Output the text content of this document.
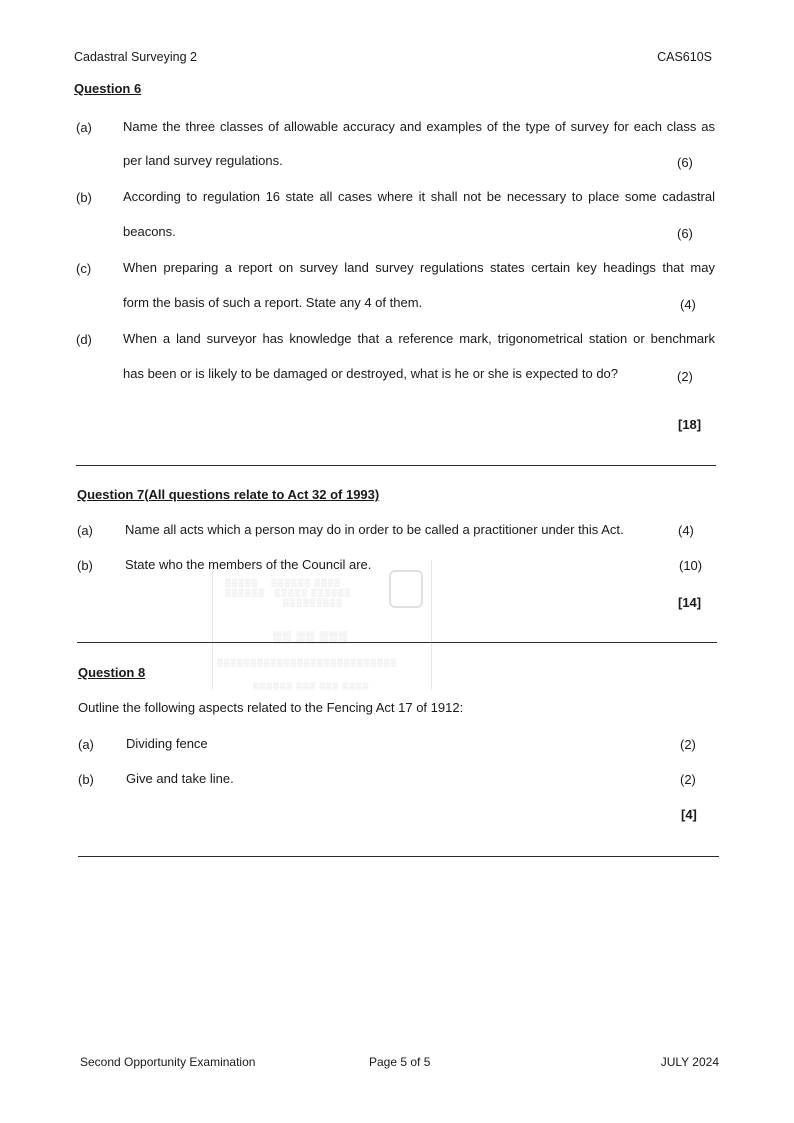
Cadastral Surveying 2	CAS610S
Question 6
(a) Name the three classes of allowable accuracy and examples of the type of survey for each class as
per land survey regulations.	(6)
(b) According to regulation 16 state all cases where it shall not be necessary to place some cadastral
beacons.	(6)
(c) When preparing a report on survey land survey regulations states certain key headings that may
form the basis of such a report. State any 4 of them.	(4)
(d) When a land surveyor has knowledge that a reference mark, trigonometrical station or benchmark
has been or is likely to be damaged or destroyed, what is he or she is expected to do?	(2)
[18]
Question 7(All questions relate to Act 32 of 1993)
(a) Name all acts which a person may do in order to be called a practitioner under this Act.	(4)
(b) State who the members of the Council are.	(10)
[14]
▒▒▒▒▒    ▒▒▒▒▒▒ ▒▒▒▒
▒▒▒▒▒▒   ▒▒▒▒▒ ▒▒▒▒▒▒
▒▒▒▒▒▒▒▒▒
▒▒ ▒▒ ▒▒▒
▒▒▒▒▒▒▒▒▒▒▒▒▒▒▒▒▒▒▒▒▒▒▒▒▒▒▒
▒▒▒▒▒▒ ▒▒▒ ▒▒▒ ▒▒▒▒
Question 8
Outline the following aspects related to the Fencing Act 17 of 1912:
(a) Dividing fence	(2)
(b) Give and take line.	(2)
[4]
Second Opportunity Examination	Page 5 of 5	JULY 2024
